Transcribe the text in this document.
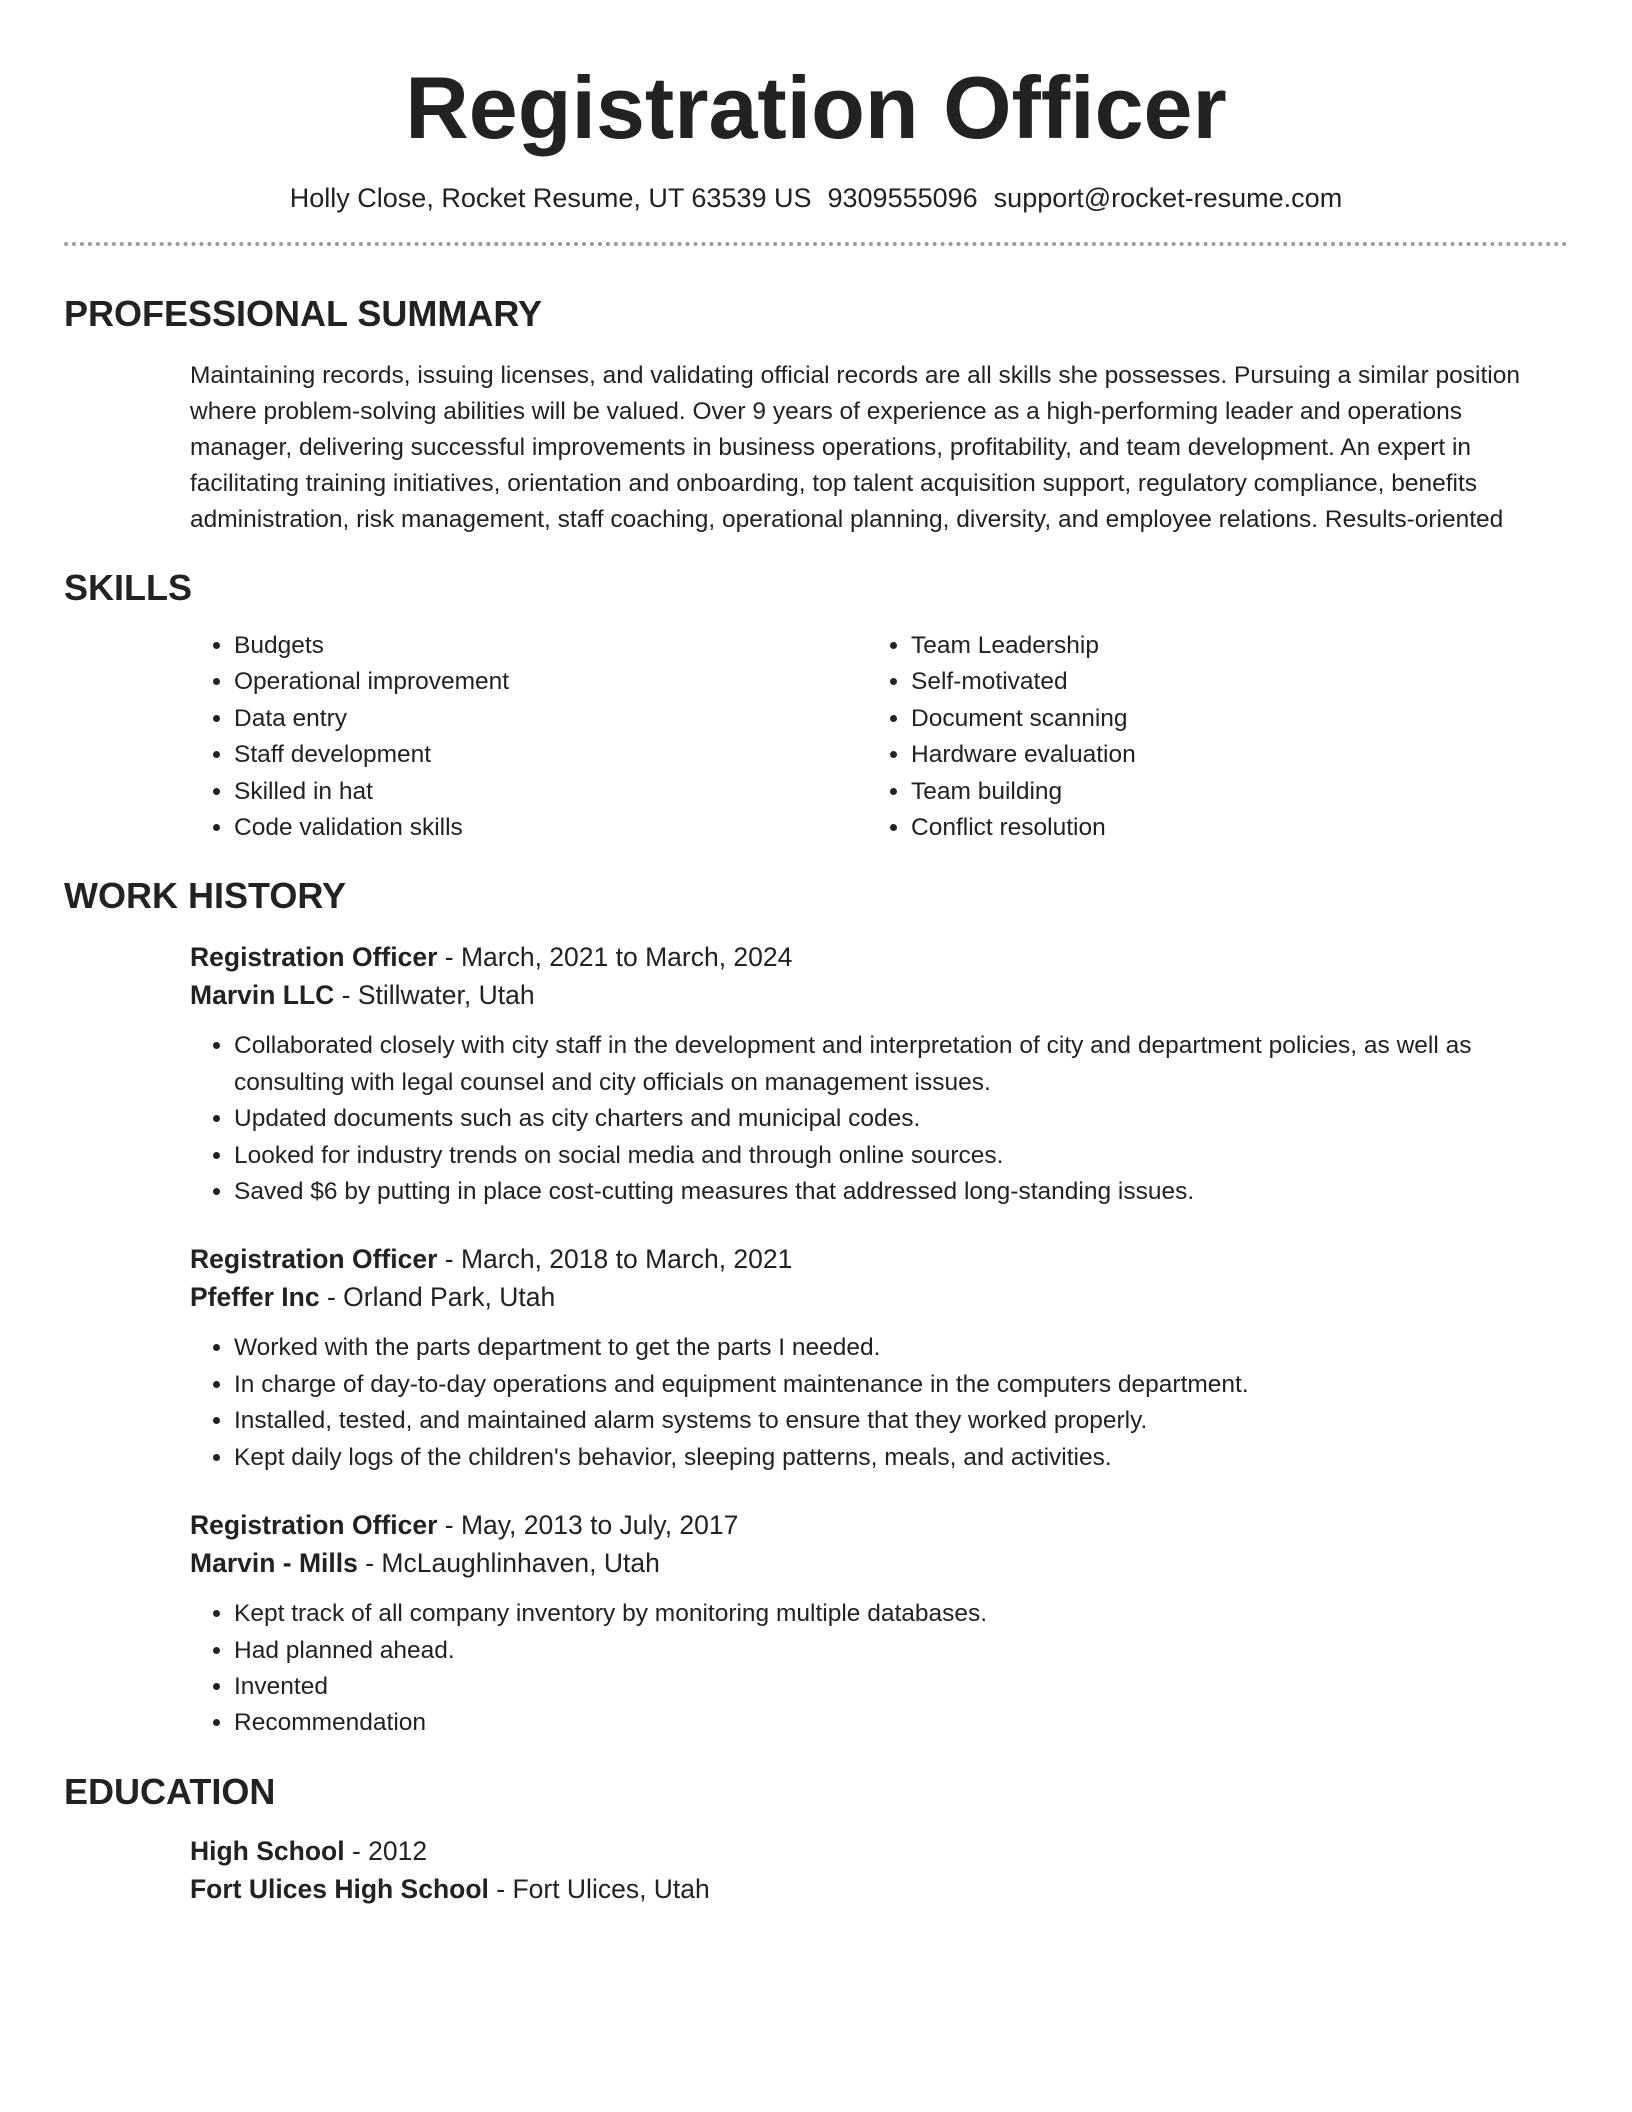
Registration Officer
Holly Close, Rocket Resume, UT 63539 US 9309555096 support@rocket-resume.com
PROFESSIONAL SUMMARY
Maintaining records, issuing licenses, and validating official records are all skills she possesses. Pursuing a similar position where problem-solving abilities will be valued. Over 9 years of experience as a high-performing leader and operations manager, delivering successful improvements in business operations, profitability, and team development. An expert in facilitating training initiatives, orientation and onboarding, top talent acquisition support, regulatory compliance, benefits administration, risk management, staff coaching, operational planning, diversity, and employee relations. Results-oriented
SKILLS
• Budgets
• Operational improvement
• Data entry
• Staff development
• Skilled in hat
• Code validation skills
• Team Leadership
• Self-motivated
• Document scanning
• Hardware evaluation
• Team building
• Conflict resolution
WORK HISTORY
Registration Officer - March, 2021 to March, 2024
Marvin LLC - Stillwater, Utah
• Collaborated closely with city staff in the development and interpretation of city and department policies, as well as consulting with legal counsel and city officials on management issues.
• Updated documents such as city charters and municipal codes.
• Looked for industry trends on social media and through online sources.
• Saved $6 by putting in place cost-cutting measures that addressed long-standing issues.
Registration Officer - March, 2018 to March, 2021
Pfeffer Inc - Orland Park, Utah
• Worked with the parts department to get the parts I needed.
• In charge of day-to-day operations and equipment maintenance in the computers department.
• Installed, tested, and maintained alarm systems to ensure that they worked properly.
• Kept daily logs of the children's behavior, sleeping patterns, meals, and activities.
Registration Officer - May, 2013 to July, 2017
Marvin - Mills - McLaughlinhaven, Utah
• Kept track of all company inventory by monitoring multiple databases.
• Had planned ahead.
• Invented
• Recommendation
EDUCATION
High School - 2012
Fort Ulices High School - Fort Ulices, Utah
